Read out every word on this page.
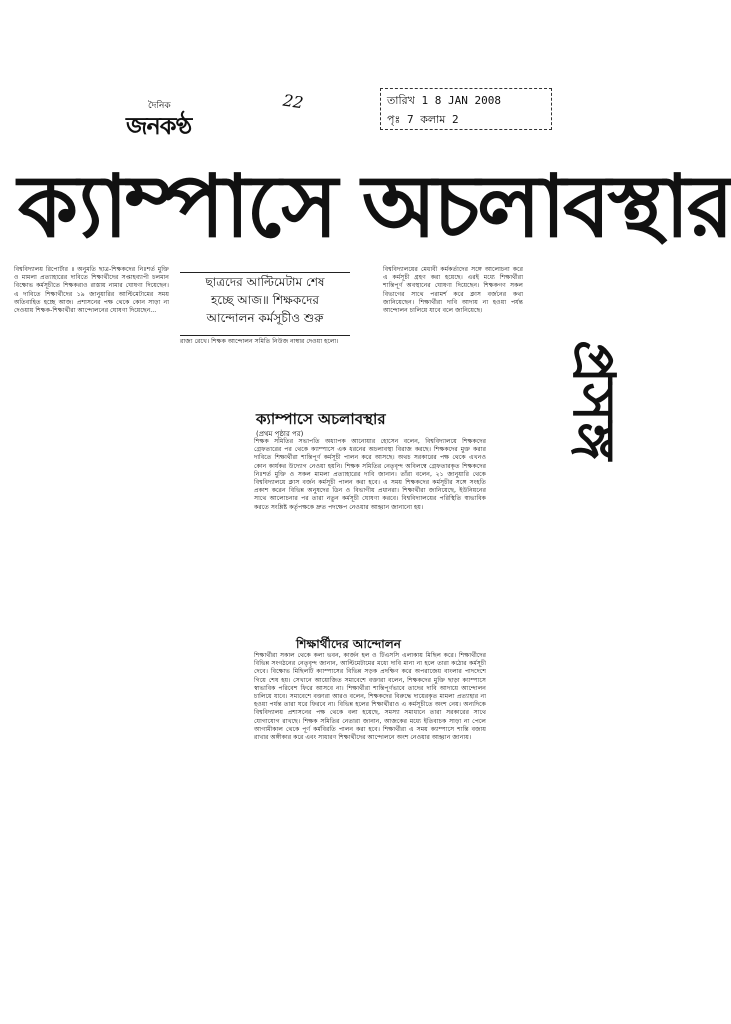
দৈনিক
জনকণ্ঠ
22	তারিখ 1 8 JAN 2008
পৃঃ 7 কলাম 2
ক্যাম্পাসে অচলাবস্থার
বিশ্ববিদ্যালয় রিপোর্টার ॥ অনুমতি ছাত্র-শিক্ষকদের নিঃশর্ত মুক্তি ও মামলা প্রত্যাহারের দাবিতে শিক্ষার্থীদের সপ্তাহব্যাপী চলমান বিক্ষোভ কর্মসূচীতে শিক্ষকরাও রাস্তায় নামার ঘোষণা দিয়েছেন। এ দাবিতে শিক্ষার্থীদের ১৯ জানুয়ারির আল্টিমেটামের সময় অতিবাহিত হচ্ছে আজ। প্রশাসনের পক্ষ থেকে কোন সাড়া না দেওয়ায় শিক্ষক-শিক্ষার্থীরা আন্দোলনের ঘোষণা দিয়েছেন...
ছাত্রদের আল্টিমেটাম শেষ
হচ্ছে আজ॥ শিক্ষকদের
আন্দোলন কর্মসূচীও শুরু
রাজ্য রেখে। শিক্ষক আন্দোলন সমিতি নিউজ নাম্বার দেওয়া হলো।
বিশ্ববিদ্যালয়ের মেধাবী কর্মকর্তাদের সঙ্গে আলোচনা করে এ কর্মসূচী গ্রহণ করা হয়েছে। এরই মধ্যে শিক্ষার্থীরা শান্তিপূর্ণ অবস্থানের ঘোষণা দিয়েছেন। শিক্ষকগণ সকল বিভাগের সাথে পরামর্শ করে ক্লাস বর্জনের কথা জানিয়েছেন। শিক্ষার্থীরা দাবি আদায় না হওয়া পর্যন্ত আন্দোলন চালিয়ে যাবে বলে জানিয়েছে।
প্রসঙ্গ
ক্যাম্পাসে অচলাবস্থার
(প্রথম পৃষ্ঠার পর)
শিক্ষক সমিতির সভাপতি অধ্যাপক আনোয়ার হোসেন বলেন, বিশ্ববিদ্যালয়ে শিক্ষকদের গ্রেফতারের পর থেকে ক্যাম্পাসে এক ধরনের অচলাবস্থা বিরাজ করছে। শিক্ষকদের মুক্ত করার দাবিতে শিক্ষার্থীরা শান্তিপূর্ণ কর্মসূচী পালন করে আসছে। অথচ সরকারের পক্ষ থেকে এখনও কোন কার্যকর উদ্যোগ নেওয়া হয়নি। শিক্ষক সমিতির নেতৃবৃন্দ অবিলম্বে গ্রেফতারকৃত শিক্ষকদের নিঃশর্ত মুক্তি ও সকল মামলা প্রত্যাহারের দাবি জানান। তাঁরা বলেন, ২১ জানুয়ারি থেকে বিশ্ববিদ্যালয়ে ক্লাস বর্জন কর্মসূচী পালন করা হবে। এ সময় শিক্ষকদের কর্মসূচীর সঙ্গে সংহতি প্রকাশ করেন বিভিন্ন অনুষদের ডিন ও বিভাগীয় প্রধানরা। শিক্ষার্থীরা জানিয়েছে, ইউনিয়নের সাথে আলোচনার পর তারা নতুন কর্মসূচী ঘোষণা করবে। বিশ্ববিদ্যালয়ের পরিস্থিতি স্বাভাবিক করতে সংশ্লিষ্ট কর্তৃপক্ষকে দ্রুত পদক্ষেপ নেওয়ার আহ্বান জানানো হয়।
শিক্ষার্থীদের আন্দোলন
শিক্ষার্থীরা সকাল থেকে কলা ভবন, কার্জন হল ও টিএসসি এলাকায় মিছিল করে। শিক্ষার্থীদের বিভিন্ন সংগঠনের নেতৃবৃন্দ জানান, আল্টিমেটামের মধ্যে দাবি মানা না হলে তারা কঠোর কর্মসূচী দেবে। বিক্ষোভ মিছিলটি ক্যাম্পাসের বিভিন্ন সড়ক প্রদক্ষিণ করে অপরাজেয় বাংলার পাদদেশে গিয়ে শেষ হয়। সেখানে আয়োজিত সমাবেশে বক্তারা বলেন, শিক্ষকদের মুক্তি ছাড়া ক্যাম্পাসে স্বাভাবিক পরিবেশ ফিরে আসবে না। শিক্ষার্থীরা শান্তিপূর্ণভাবে তাদের দাবি আদায়ে আন্দোলন চালিয়ে যাবে। সমাবেশে বক্তারা আরও বলেন, শিক্ষকদের বিরুদ্ধে দায়েরকৃত মামলা প্রত্যাহার না হওয়া পর্যন্ত তারা ঘরে ফিরবে না। বিভিন্ন হলের শিক্ষার্থীরাও এ কর্মসূচীতে অংশ নেয়। অন্যদিকে বিশ্ববিদ্যালয় প্রশাসনের পক্ষ থেকে বলা হয়েছে, সমস্যা সমাধানে তারা সরকারের সাথে যোগাযোগ রাখছে। শিক্ষক সমিতির নেতারা জানান, আজকের মধ্যে ইতিবাচক সাড়া না পেলে আগামীকাল থেকে পূর্ণ কর্মবিরতি পালন করা হবে। শিক্ষার্থীরা এ সময় ক্যাম্পাসে শান্তি বজায় রাখার অঙ্গীকার করে এবং সাধারণ শিক্ষার্থীদের আন্দোলনে অংশ নেওয়ার আহ্বান জানায়।
